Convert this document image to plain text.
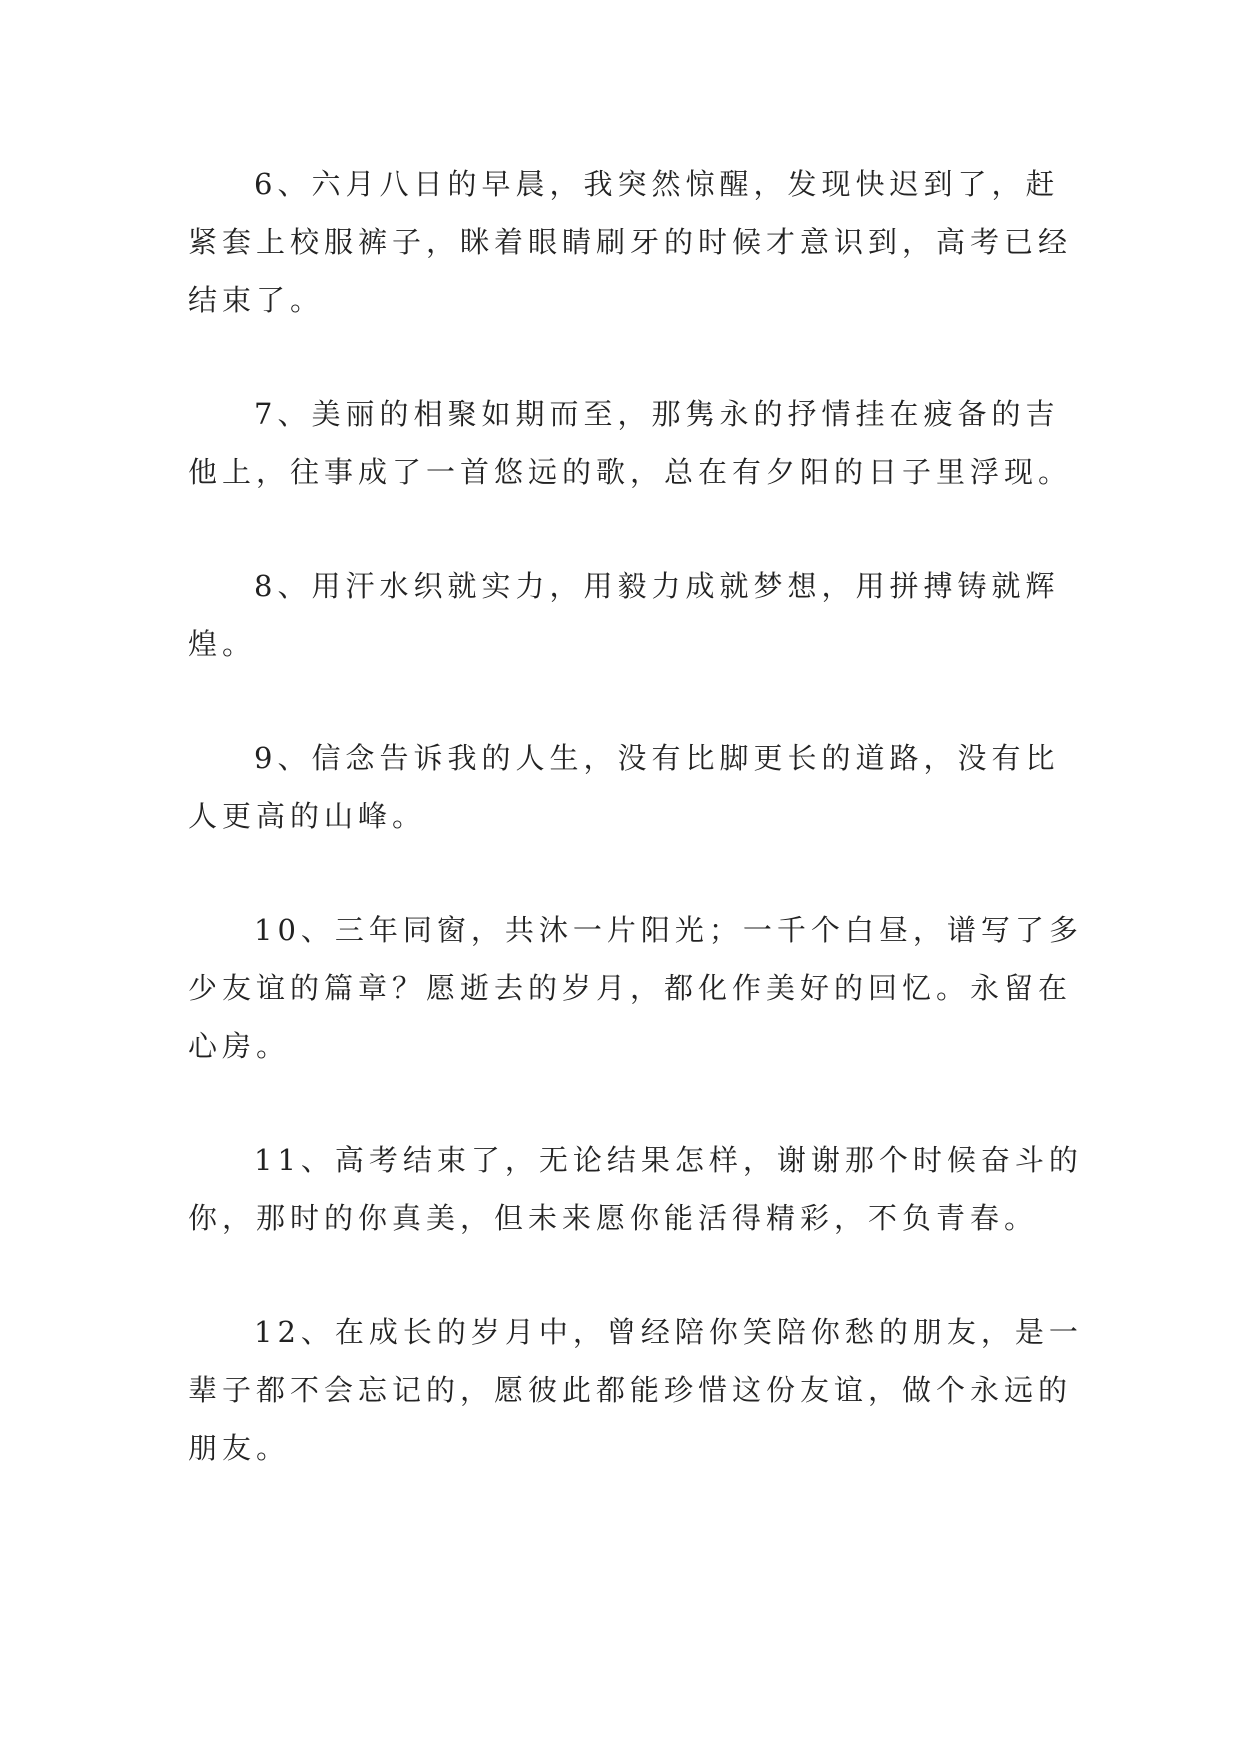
6、六月八日的早晨，我突然惊醒，发现快迟到了，赶
紧套上校服裤子，眯着眼睛刷牙的时候才意识到，高考已经
结束了。

7、美丽的相聚如期而至，那隽永的抒情挂在疲备的吉
他上，往事成了一首悠远的歌，总在有夕阳的日子里浮现。

8、用汗水织就实力，用毅力成就梦想，用拼搏铸就辉
煌。

9、信念告诉我的人生，没有比脚更长的道路，没有比
人更高的山峰。

10、三年同窗，共沐一片阳光；一千个白昼，谱写了多
少友谊的篇章？愿逝去的岁月，都化作美好的回忆。永留在
心房。

11、高考结束了，无论结果怎样，谢谢那个时候奋斗的
你，那时的你真美，但未来愿你能活得精彩，不负青春。

12、在成长的岁月中，曾经陪你笑陪你愁的朋友，是一
辈子都不会忘记的，愿彼此都能珍惜这份友谊，做个永远的
朋友。
